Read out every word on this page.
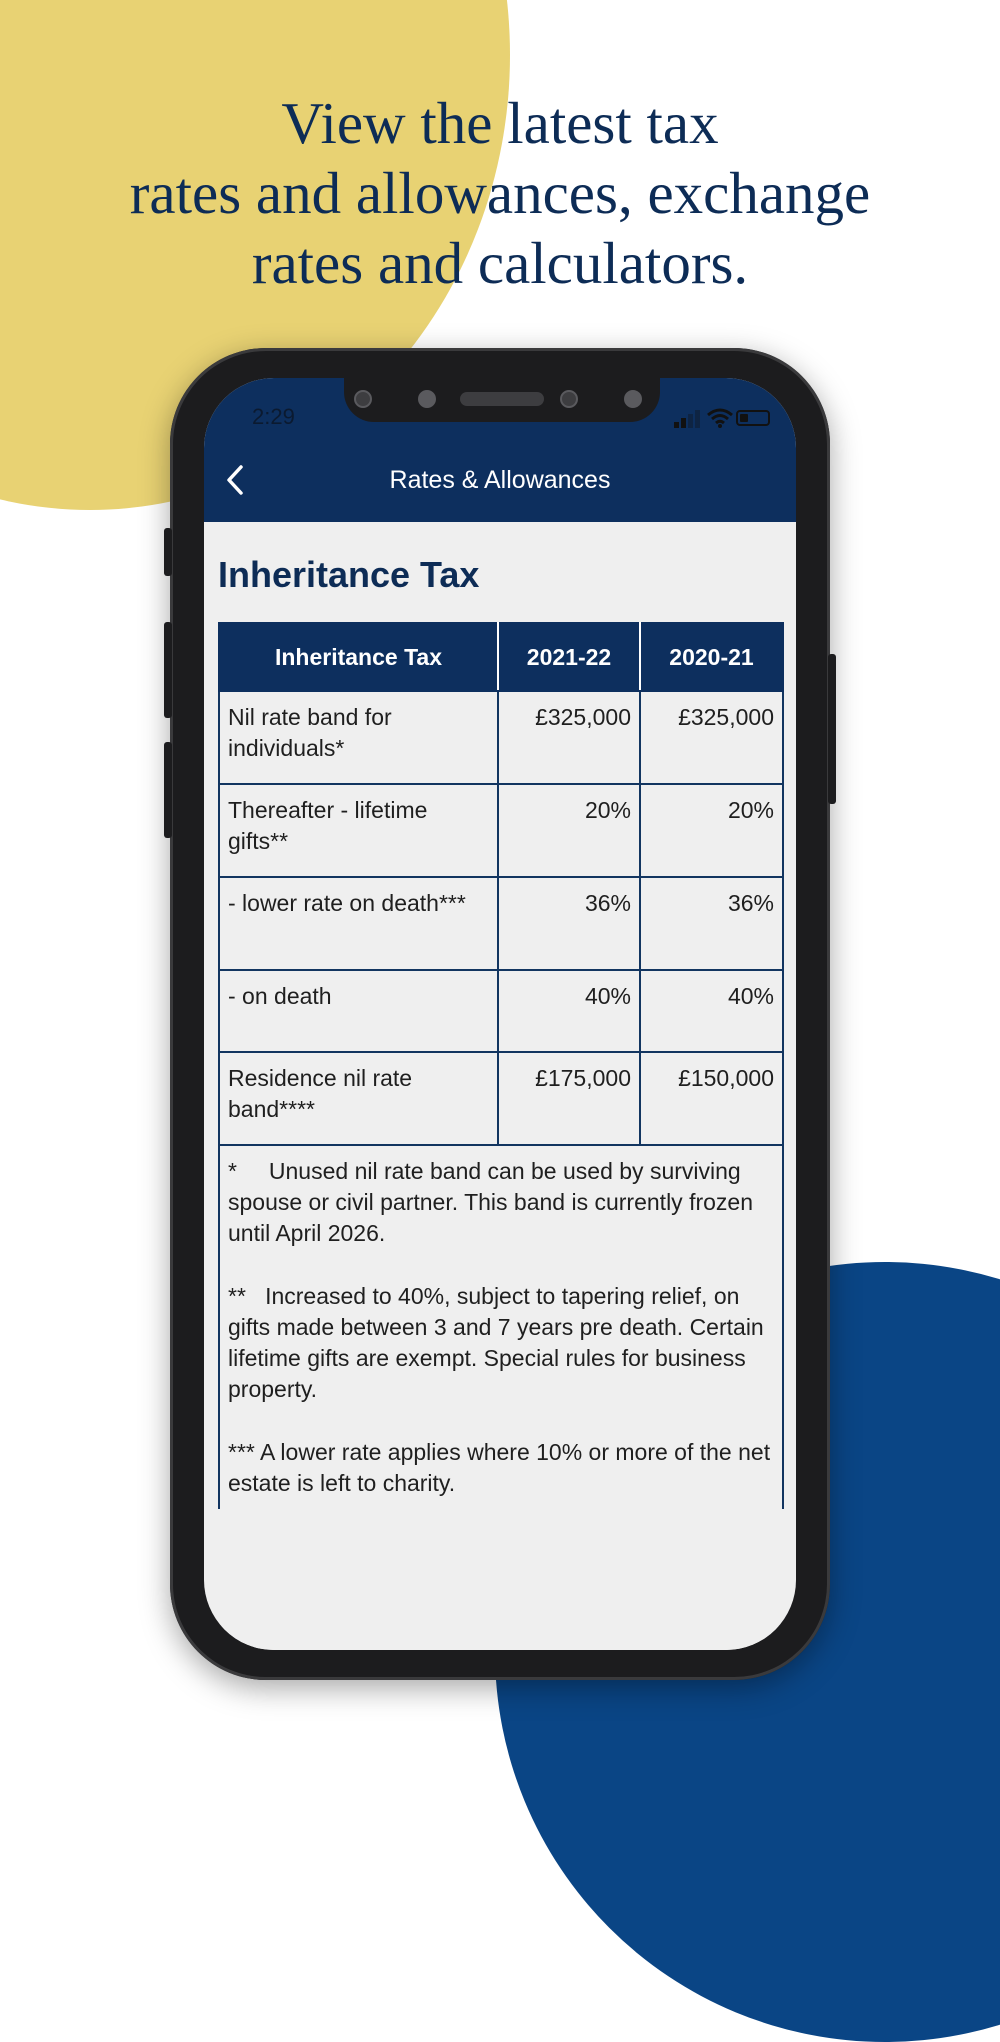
View the latest tax
rates and allowances, exchange
rates and calculators.
2:29
Rates & Allowances
Inheritance Tax
Inheritance Tax	2021-22	2020-21
Nil rate band for individuals*	£325,000	£325,000
Thereafter - lifetime gifts**	20%	20%
- lower rate on death***	36%	36%
- on death	40%	40%
Residence nil rate band****	£175,000	£150,000

*     Unused nil rate band can be used by surviving spouse or civil partner. This band is currently frozen until April 2026.
**   Increased to 40%, subject to tapering relief, on gifts made between 3 and 7 years pre death. Certain lifetime gifts are exempt. Special rules for business property.
*** A lower rate applies where 10% or more of the net estate is left to charity.		
